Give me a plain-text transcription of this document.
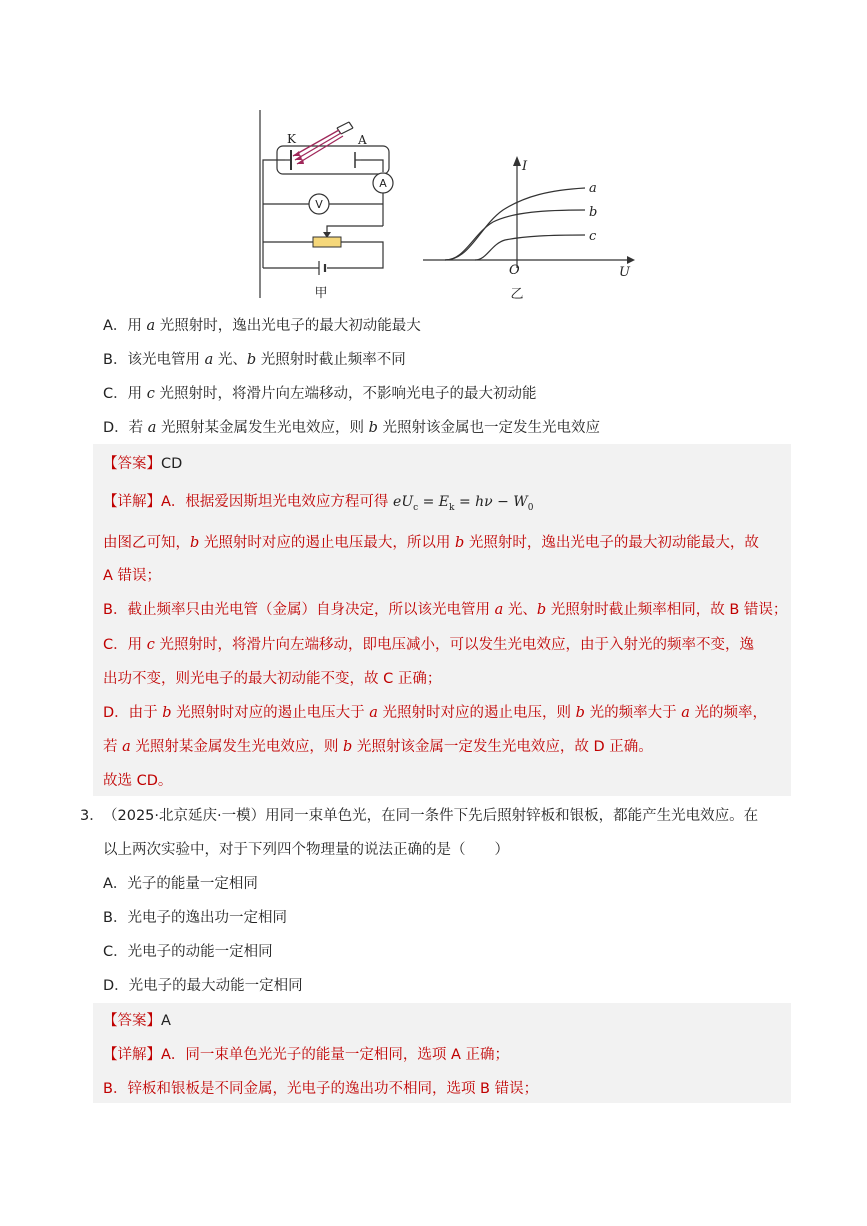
K	A
A
V
甲
I
O	U
a
b
c
乙
A．用 a 光照射时，逸出光电子的最大初动能最大
B．该光电管用 a 光、b 光照射时截止频率不同
C．用 c 光照射时，将滑片向左端移动，不影响光电子的最大初动能
D．若 a 光照射某金属发生光电效应，则 b 光照射该金属也一定发生光电效应
【答案】CD
【详解】A．根据爱因斯坦光电效应方程可得 $eU_c = E_k = h\nu - W_0$
由图乙可知，b 光照射时对应的遏止电压最大，所以用 b 光照射时，逸出光电子的最大初动能最大，故
A 错误；
B．截止频率只由光电管（金属）自身决定，所以该光电管用 a 光、b 光照射时截止频率相同，故 B 错误；
C．用 c 光照射时，将滑片向左端移动，即电压减小，可以发生光电效应，由于入射光的频率不变，逸
出功不变，则光电子的最大初动能不变，故 C 正确；
D．由于 b 光照射时对应的遏止电压大于 a 光照射时对应的遏止电压，则 b 光的频率大于 a 光的频率，
若 a 光照射某金属发生光电效应，则 b 光照射该金属一定发生光电效应，故 D 正确。
故选 CD。
3． （2025·北京延庆·一模）用同一束单色光，在同一条件下先后照射锌板和银板，都能产生光电效应。在
以上两次实验中，对于下列四个物理量的说法正确的是（　　）
A．光子的能量一定相同
B．光电子的逸出功一定相同
C．光电子的动能一定相同
D．光电子的最大动能一定相同
【答案】A
【详解】A．同一束单色光光子的能量一定相同，选项 A 正确；
B．锌板和银板是不同金属，光电子的逸出功不相同，选项 B 错误；
